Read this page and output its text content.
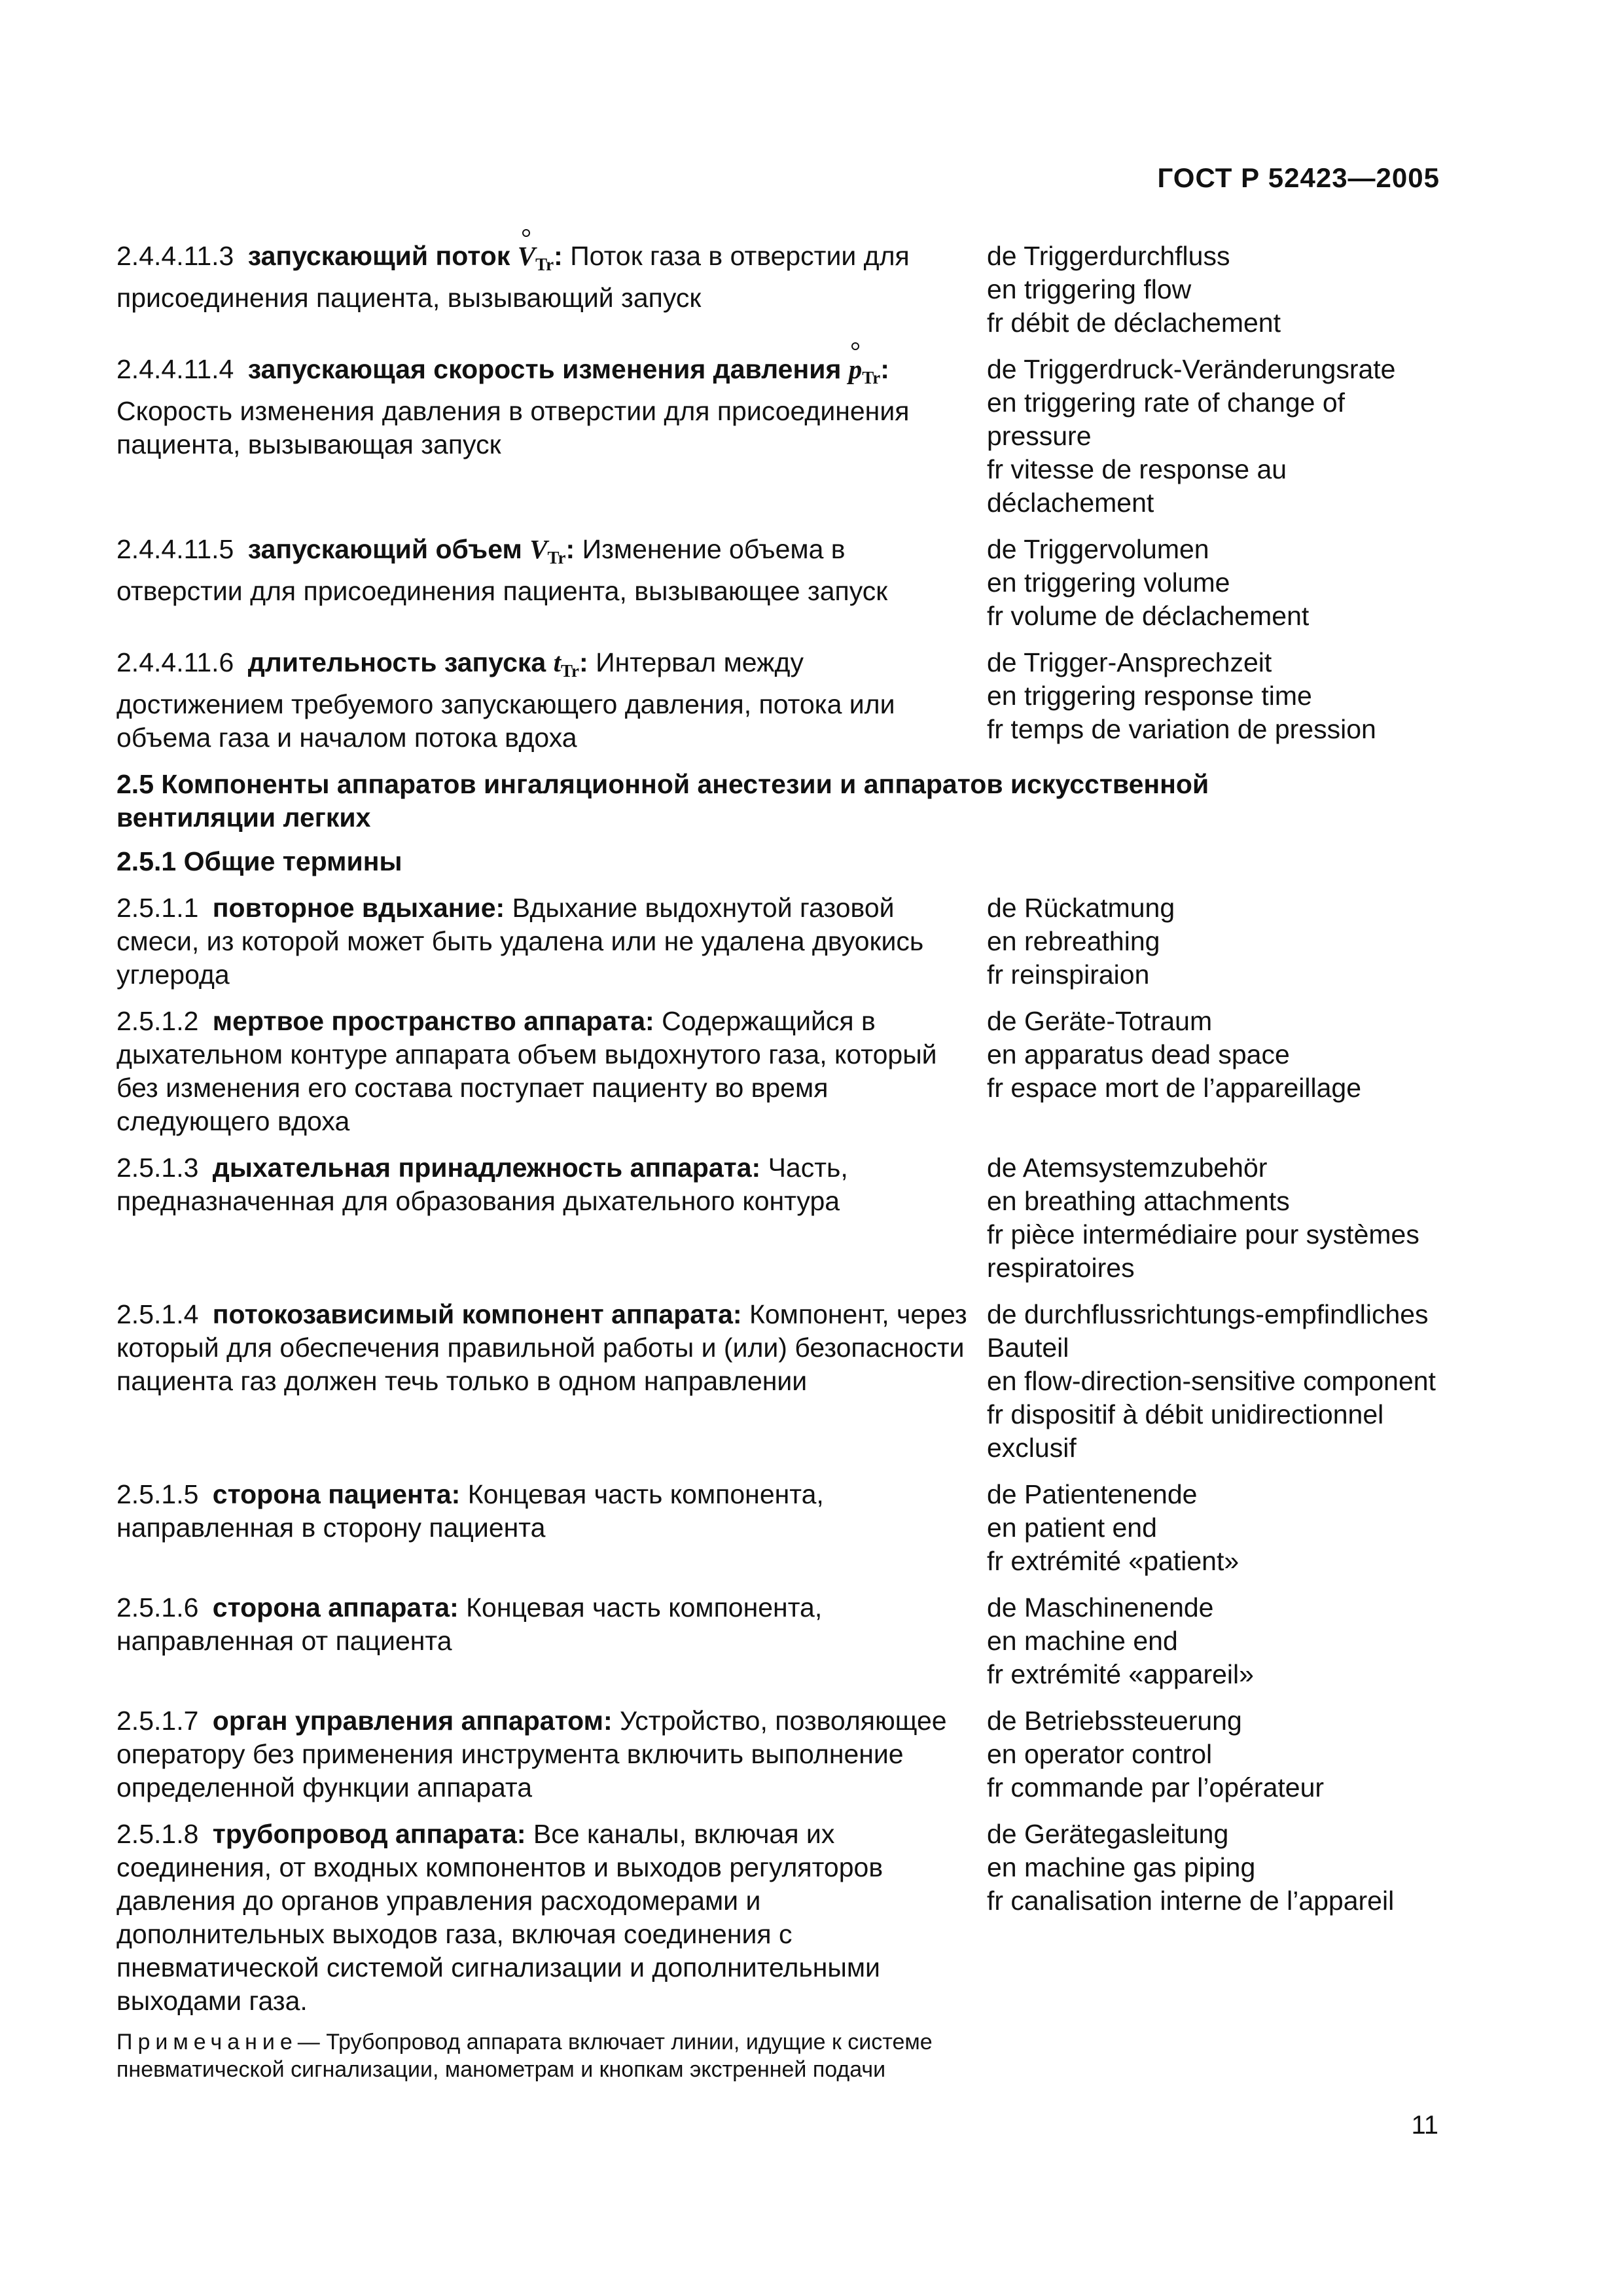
ГОСТ Р 52423—2005
2.4.4.11.3 запускающий поток $V_{Tr}$: Поток газа в отверстии для присоединения пациента, вызывающий запуск
de Triggerdurchfluss
en triggering flow
fr débit de déclachement
2.4.4.11.4 запускающая скорость изменения давления $p_{Tr}$: Скорость изменения давления в отверстии для присоединения пациента, вызывающая запуск
de Triggerdruck-Veränderungsrate
en triggering rate of change of pressure
fr vitesse de response au déclachement
2.4.4.11.5 запускающий объем $V_{Tr}$: Изменение объема в отверстии для присоединения пациента, вызывающее запуск
de Triggervolumen
en triggering volume
fr volume de déclachement
2.4.4.11.6 длительность запуска $t_{Tr}$: Интервал между достижением требуемого запускающего давления, потока или объема газа и началом потока вдоха
de Trigger-Ansprechzeit
en triggering response time
fr temps de variation de pression
2.5 Компоненты аппаратов ингаляционной анестезии и аппаратов искусственной вентиляции легких
2.5.1 Общие термины
2.5.1.1 повторное вдыхание: Вдыхание выдохнутой газовой смеси, из которой может быть удалена или не удалена двуокись углерода
de Rückatmung
en rebreathing
fr reinspiraion
2.5.1.2 мертвое пространство аппарата: Содержащийся в дыхательном контуре аппарата объем выдохнутого газа, который без изменения его состава поступает пациенту во время следующего вдоха
de Geräte-Totraum
en apparatus dead space
fr espace mort de l’appareillage
2.5.1.3 дыхательная принадлежность аппарата: Часть, предназначенная для образования дыхательного контура
de Atemsystemzubehör
en breathing attachments
fr pièce intermédiaire pour systèmes respiratoires
2.5.1.4 потокозависимый компонент аппарата: Компонент, через который для обеспечения правильной работы и (или) безопасности пациента газ должен течь только в одном направлении
de durchflussrichtungs-empfindliches Bauteil
en flow-direction-sensitive component
fr dispositif à débit unidirectionnel exclusif
2.5.1.5 сторона пациента: Концевая часть компонента, направленная в сторону пациента
de Patientenende
en patient end
fr extrémité «patient»
2.5.1.6 сторона аппарата: Концевая часть компонента, направленная от пациента
de Maschinenende
en machine end
fr extrémité «appareil»
2.5.1.7 орган управления аппаратом: Устройство, позволяющее оператору без применения инструмента включить выполнение определенной функции аппарата
de Betriebssteuerung
en operator control
fr commande par l’opérateur
2.5.1.8 трубопровод аппарата: Все каналы, включая их соединения, от входных компонентов и выходов регуляторов давления до органов управления расходомерами и дополнительных выходов газа, включая соединения с пневматической системой сигнализации и дополнительными выходами газа.
de Gerätegasleitung
en machine gas piping
fr canalisation interne de l’appareil
Примечание— Трубопровод аппарата включает линии, идущие к системе пневматической сигнализации, манометрам и кнопкам экстренней подачи
11
